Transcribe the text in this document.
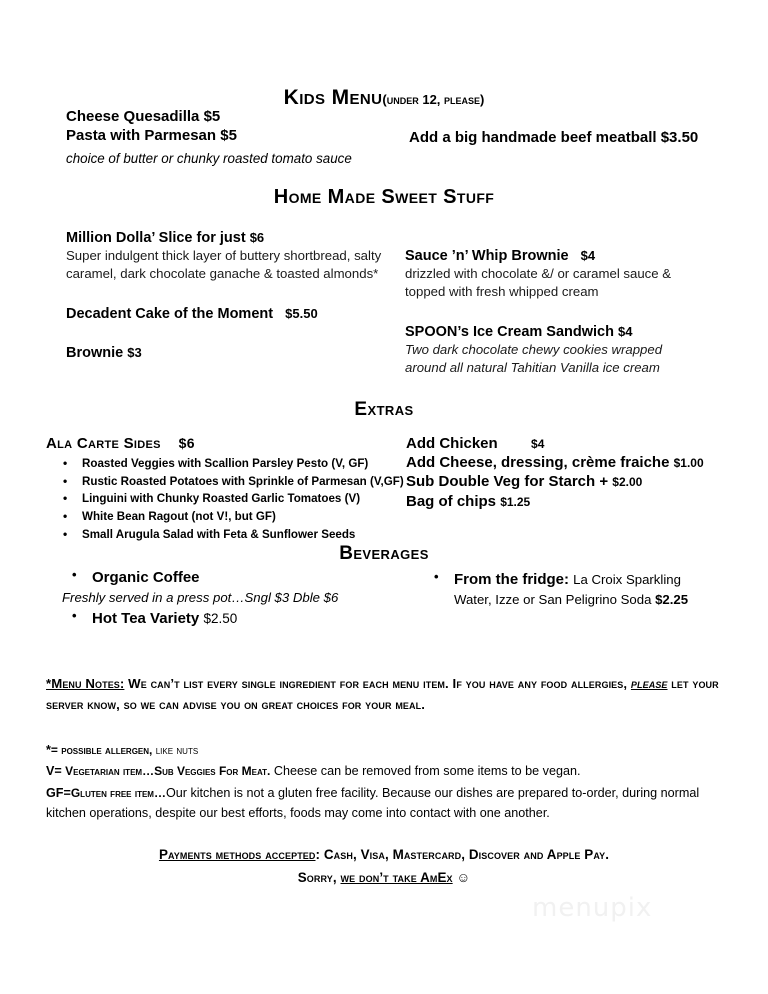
Kids Menu(under 12, please)
Cheese Quesadilla $5
Pasta with Parmesan $5
choice of butter or chunky roasted tomato sauce
Add a big handmade beef meatball $3.50
Home Made Sweet Stuff
Million Dolla’ Slice for just $6
Super indulgent thick layer of buttery shortbread, salty caramel, dark chocolate ganache & toasted almonds*
Decadent Cake of the Moment $5.50
Brownie $3
Sauce ’n’ Whip Brownie $4
drizzled with chocolate &/ or caramel sauce & topped with fresh whipped cream
SPOON’s Ice Cream Sandwich $4
Two dark chocolate chewy cookies wrapped around all natural Tahitian Vanilla ice cream
Extras
Ala Carte Sides $6
• Roasted Veggies with Scallion Parsley Pesto (V, GF)
• Rustic Roasted Potatoes with Sprinkle of Parmesan (V,GF)
• Linguini with Chunky Roasted Garlic Tomatoes (V)
• White Bean Ragout (not V!, but GF)
• Small Arugula Salad with Feta & Sunflower Seeds
Add Chicken	$4
Add Cheese, dressing, crème fraiche $1.00
Sub Double Veg for Starch + $2.00
Bag of chips $1.25
Beverages
• Organic Coffee
Freshly served in a press pot…Sngl $3 Dble $6
• Hot Tea Variety $2.50
• From the fridge: La Croix Sparkling
Water, Izze or San Peligrino Soda $2.25
*Menu Notes: We can’t list every single ingredient for each menu item. If you have any food allergies, please let your server know, so we can advise you on great choices for your meal.
*= possible allergen, like nuts
V= Vegetarian item…Sub Veggies For Meat. Cheese can be removed from some items to be vegan.
GF=Gluten free item…Our kitchen is not a gluten free facility. Because our dishes are prepared to-order, during normal kitchen operations, despite our best efforts, foods may come into contact with one another.
Payments methods accepted: Cash, Visa, Mastercard, Discover and Apple Pay.
Sorry, we don’t take AmEx ☺
menupix
